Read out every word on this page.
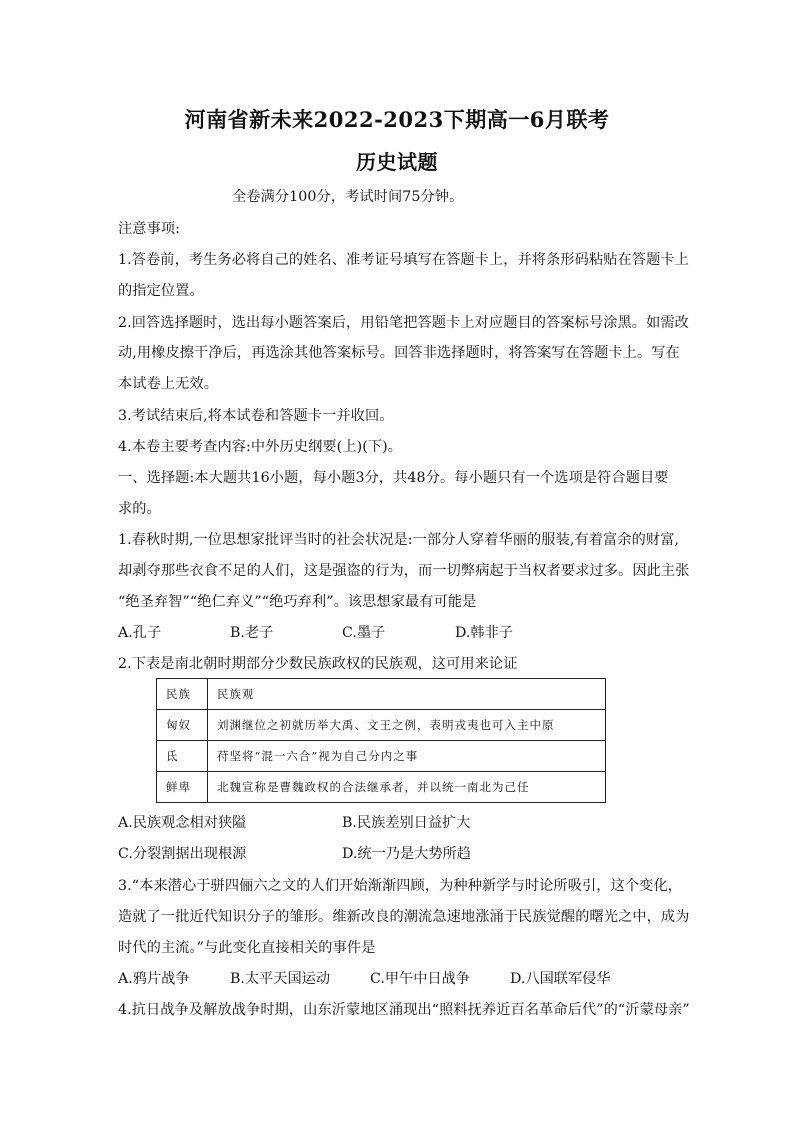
河南省新未来2022-2023下期高一6月联考
历史试题
全卷满分100分，考试时间75分钟。
注意事项:
1.答卷前，考生务必将自己的姓名、准考证号填写在答题卡上，并将条形码粘贴在答题卡上
的指定位置。
2.回答选择题时，选出每小题答案后，用铅笔把答题卡上对应题目的答案标号涂黑。如需改
动,用橡皮擦干净后，再选涂其他答案标号。回答非选择题时，将答案写在答题卡上。写在
本试卷上无效。
3.考试结束后,将本试卷和答题卡一并收回。
4.本卷主要考查内容:中外历史纲要(上)(下)。
一、选择题:本大题共16小题，每小题3分，共48分。每小题只有一个选项是符合题目要
求的。
1.春秋时期,一位思想家批评当时的社会状况是:一部分人穿着华丽的服装,有着富余的财富,
却剥夺那些衣食不足的人们，这是强盗的行为，而一切弊病起于当权者要求过多。因此主张
“绝圣弃智”“绝仁弃义”“绝巧弃利”。该思想家最有可能是
A.孔子	B.老子	C.墨子	D.韩非子
2.下表是南北朝时期部分少数民族政权的民族观，这可用来论证
民族	民族观
匈奴	刘渊继位之初就历举大禹、文王之例，表明戎夷也可入主中原
氐	苻坚将“混一六合”视为自己分内之事
鲜卑	北魏宣称是曹魏政权的合法继承者，并以统一南北为己任
A.民族观念相对狭隘	B.民族差别日益扩大
C.分裂割据出现根源	D.统一乃是大势所趋
3.“本来潜心于骈四俪六之文的人们开始渐渐四顾，为种种新学与时论所吸引，这个变化，
造就了一批近代知识分子的雏形。维新改良的潮流急速地涨涌于民族觉醒的曙光之中，成为
时代的主流。”与此变化直接相关的事件是
A.鸦片战争	B.太平天国运动	C.甲午中日战争	D.八国联军侵华
4.抗日战争及解放战争时期，山东沂蒙地区涌现出“照料抚养近百名革命后代”的“沂蒙母亲”
